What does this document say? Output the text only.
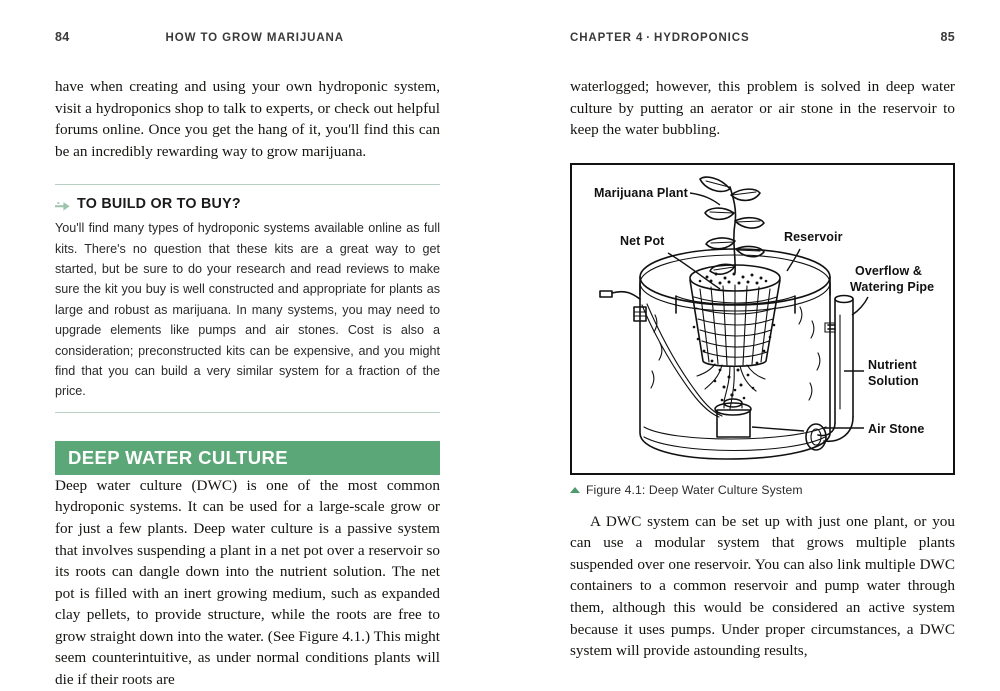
84	HOW TO GROW MARIJUANA

have when creating and using your own hydroponic system, visit a hydroponics shop to talk to experts, or check out helpful forums online. Once you get the hang of it, you'll find this can be an incredibly rewarding way to grow marijuana.

TO BUILD OR TO BUY?

You'll find many types of hydroponic systems available online as full kits. There's no question that these kits are a great way to get started, but be sure to do your research and read reviews to make sure the kit you buy is well constructed and appropriate for plants as large and robust as marijuana. In many systems, you may need to upgrade elements like pumps and air stones. Cost is also a consideration; preconstructed kits can be expensive, and you might find that you can build a very similar system for a fraction of the price.

DEEP WATER CULTURE

Deep water culture (DWC) is one of the most common hydroponic systems. It can be used for a large-scale grow or for just a few plants. Deep water culture is a passive system that involves suspending a plant in a net pot over a reservoir so its roots can dangle down into the nutrient solution. The net pot is filled with an inert growing medium, such as expanded clay pellets, to provide structure, while the roots are free to grow straight down into the water. (See Figure 4.1.) This might seem counterintuitive, as under normal conditions plants will die if their roots are

CHAPTER 4 · HYDROPONICS	85

waterlogged; however, this problem is solved in deep water culture by putting an aerator or air stone in the reservoir to keep the water bubbling.

Marijuana Plant
Net Pot	Reservoir
Overflow &
Watering Pipe
Nutrient
Solution
Air Stone
Figure 4.1: Deep Water Culture System

A DWC system can be set up with just one plant, or you can use a modular system that grows multiple plants suspended over one reservoir. You can also link multiple DWC containers to a common reservoir and pump water through them, although this would be considered an active system because it uses pumps. Under proper circumstances, a DWC system will provide astounding results,
